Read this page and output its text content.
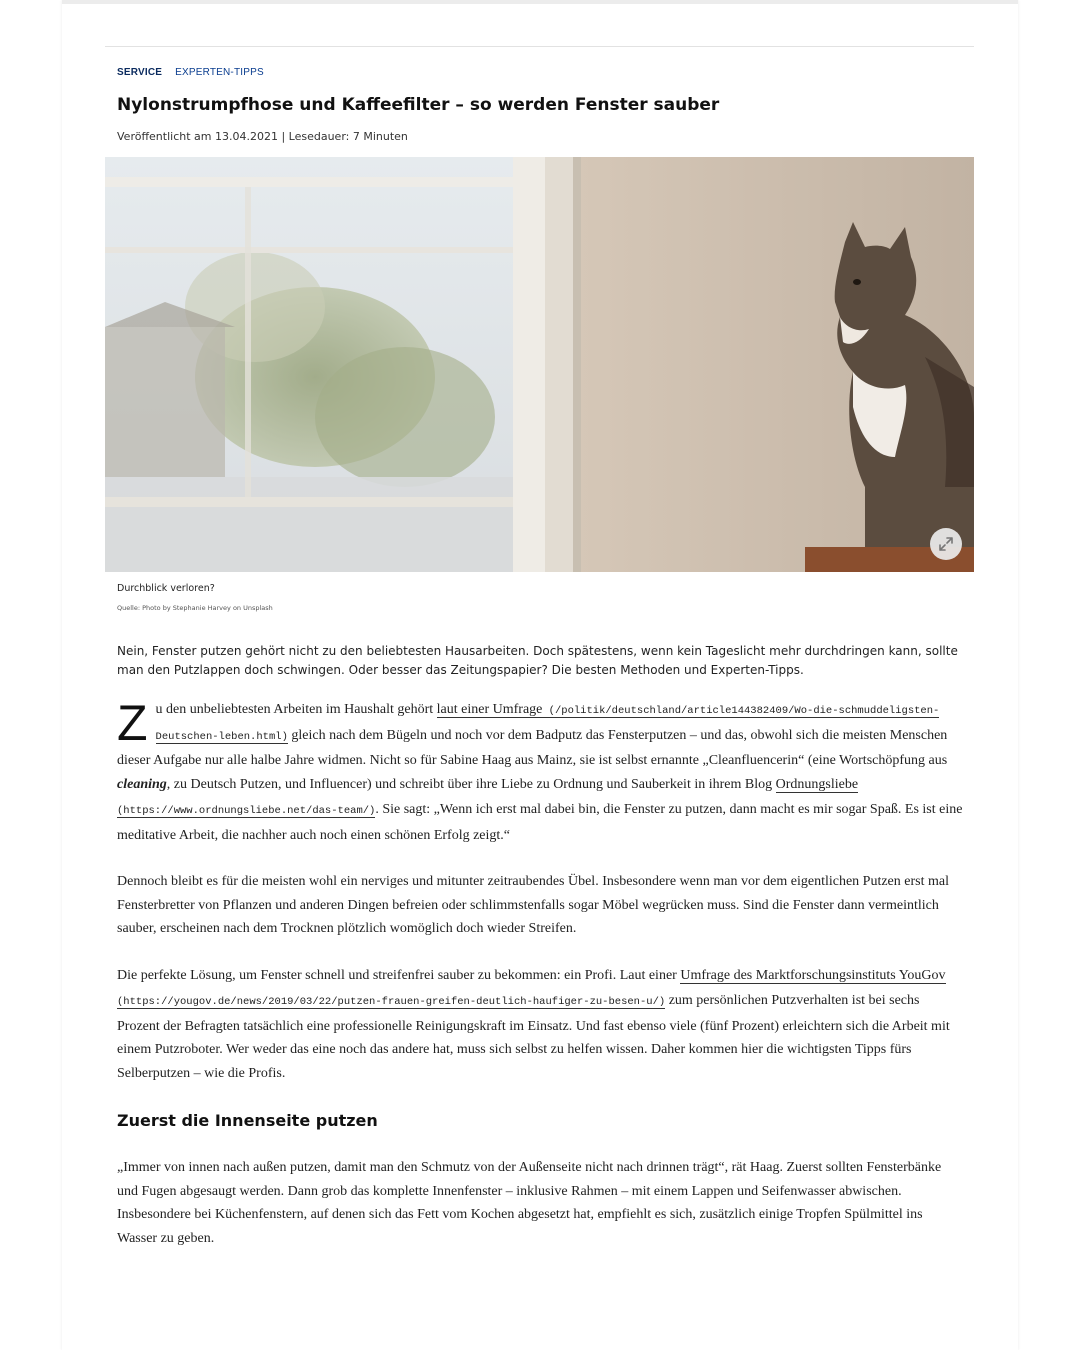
SERVICE EXPERTEN-TIPPS
Nylonstrumpfhose und Kaffeefilter – so werden Fenster sauber
Veröffentlicht am 13.04.2021 | Lesedauer: 7 Minuten
Durchblick verloren?
Quelle: Photo by Stephanie Harvey on Unsplash

Nein, Fenster putzen gehört nicht zu den beliebtesten Hausarbeiten. Doch spätestens, wenn kein Tageslicht mehr durchdringen kann, sollte man den Putzlappen doch schwingen. Oder besser das Zeitungspapier? Die besten Methoden und Experten-Tipps.

Zu den unbeliebtesten Arbeiten im Haushalt gehört laut einer Umfrage (/politik/deutschland/article144382409/Wo-die-schmuddeligsten-Deutschen-leben.html) gleich nach dem Bügeln und noch vor dem Badputz das Fensterputzen – und das, obwohl sich die meisten Menschen dieser Aufgabe nur alle halbe Jahre widmen. Nicht so für Sabine Haag aus Mainz, sie ist selbst ernannte „Cleanfluencerin“ (eine Wortschöpfung aus cleaning, zu Deutsch Putzen, und Influencer) und schreibt über ihre Liebe zu Ordnung und Sauberkeit in ihrem Blog Ordnungsliebe (https://www.ordnungsliebe.net/das-team/). Sie sagt: „Wenn ich erst mal dabei bin, die Fenster zu putzen, dann macht es mir sogar Spaß. Es ist eine meditative Arbeit, die nachher auch noch einen schönen Erfolg zeigt.“

Dennoch bleibt es für die meisten wohl ein nerviges und mitunter zeitraubendes Übel. Insbesondere wenn man vor dem eigentlichen Putzen erst mal Fensterbretter von Pflanzen und anderen Dingen befreien oder schlimmstenfalls sogar Möbel wegrücken muss. Sind die Fenster dann vermeintlich sauber, erscheinen nach dem Trocknen plötzlich womöglich doch wieder Streifen.

Die perfekte Lösung, um Fenster schnell und streifenfrei sauber zu bekommen: ein Profi. Laut einer Umfrage des Marktforschungsinstituts YouGov (https://yougov.de/news/2019/03/22/putzen-frauen-greifen-deutlich-haufiger-zu-besen-u/) zum persönlichen Putzverhalten ist bei sechs Prozent der Befragten tatsächlich eine professionelle Reinigungskraft im Einsatz. Und fast ebenso viele (fünf Prozent) erleichtern sich die Arbeit mit einem Putzroboter. Wer weder das eine noch das andere hat, muss sich selbst zu helfen wissen. Daher kommen hier die wichtigsten Tipps fürs Selberputzen – wie die Profis.

Zuerst die Innenseite putzen

„Immer von innen nach außen putzen, damit man den Schmutz von der Außenseite nicht nach drinnen trägt“, rät Haag. Zuerst sollten Fensterbänke und Fugen abgesaugt werden. Dann grob das komplette Innenfenster – inklusive Rahmen – mit einem Lappen und Seifenwasser abwischen. Insbesondere bei Küchenfenstern, auf denen sich das Fett vom Kochen abgesetzt hat, empfiehlt es sich, zusätzlich einige Tropfen Spülmittel ins Wasser zu geben.
